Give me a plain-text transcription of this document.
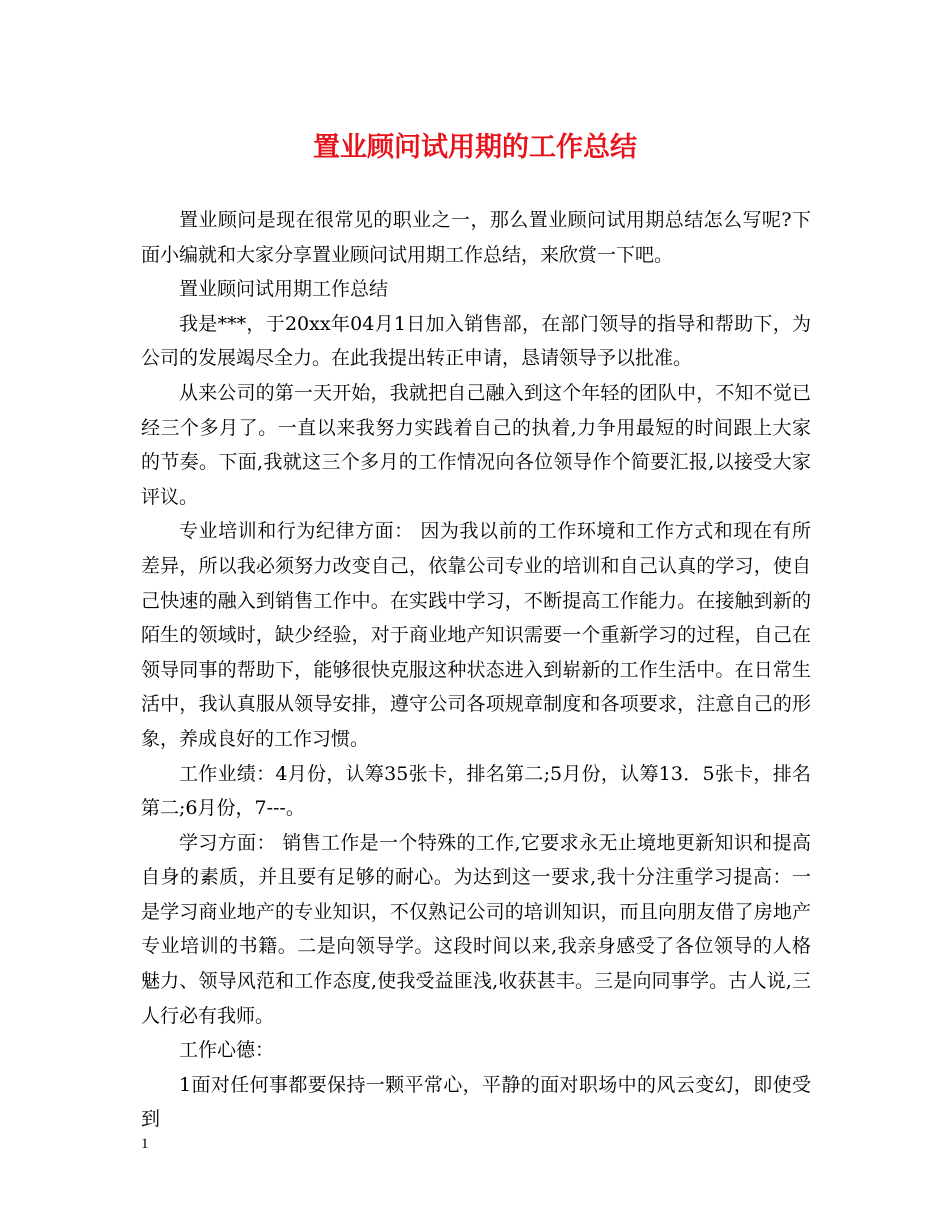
置业顾问试用期的工作总结

置业顾问是现在很常见的职业之一，那么置业顾问试用期总结怎么写呢?下面小编就和大家分享置业顾问试用期工作总结，来欣赏一下吧。

置业顾问试用期工作总结

我是***，于20xx年04月1日加入销售部，在部门领导的指导和帮助下，为公司的发展竭尽全力。在此我提出转正申请，恳请领导予以批准。

从来公司的第一天开始，我就把自己融入到这个年轻的团队中，不知不觉已经三个多月了。一直以来我努力实践着自己的执着,力争用最短的时间跟上大家的节奏。下面,我就这三个多月的工作情况向各位领导作个简要汇报,以接受大家评议。

专业培训和行为纪律方面： 因为我以前的工作环境和工作方式和现在有所差异，所以我必须努力改变自己，依靠公司专业的培训和自己认真的学习，使自己快速的融入到销售工作中。在实践中学习，不断提高工作能力。在接触到新的陌生的领域时，缺少经验，对于商业地产知识需要一个重新学习的过程，自己在领导同事的帮助下，能够很快克服这种状态进入到崭新的工作生活中。在日常生活中，我认真服从领导安排，遵守公司各项规章制度和各项要求，注意自己的形象，养成良好的工作习惯。

工作业绩：4月份，认筹35张卡，排名第二;5月份，认筹13．5张卡，排名第二;6月份，7---。

学习方面： 销售工作是一个特殊的工作,它要求永无止境地更新知识和提高自身的素质，并且要有足够的耐心。为达到这一要求,我十分注重学习提高：一是学习商业地产的专业知识，不仅熟记公司的培训知识，而且向朋友借了房地产专业培训的书籍。二是向领导学。这段时间以来,我亲身感受了各位领导的人格魅力、领导风范和工作态度,使我受益匪浅,收获甚丰。三是向同事学。古人说,三人行必有我师。

工作心德：

1面对任何事都要保持一颗平常心，平静的面对职场中的风云变幻，即使受到

1
